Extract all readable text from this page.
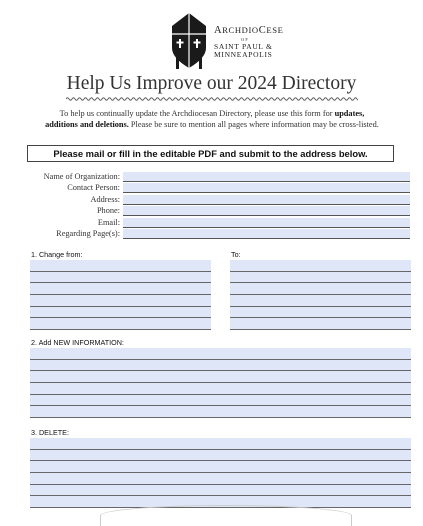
ARCHDIOCESE
OF
SAINT PAUL &
MINNEAPOLIS
Help Us Improve our 2024 Directory
To help us continually update the Archdiocesan Directory, please use this form for updates,
additions and deletions. Please be sure to mention all pages where information may be cross-listed.
Please mail or fill in the editable PDF and submit to the address below.
Name of Organization:
Contact Person:
Address:
Phone:
Email:
Regarding Page(s):
1. Change from:	To:
2. Add NEW INFORMATION:
3. DELETE:
